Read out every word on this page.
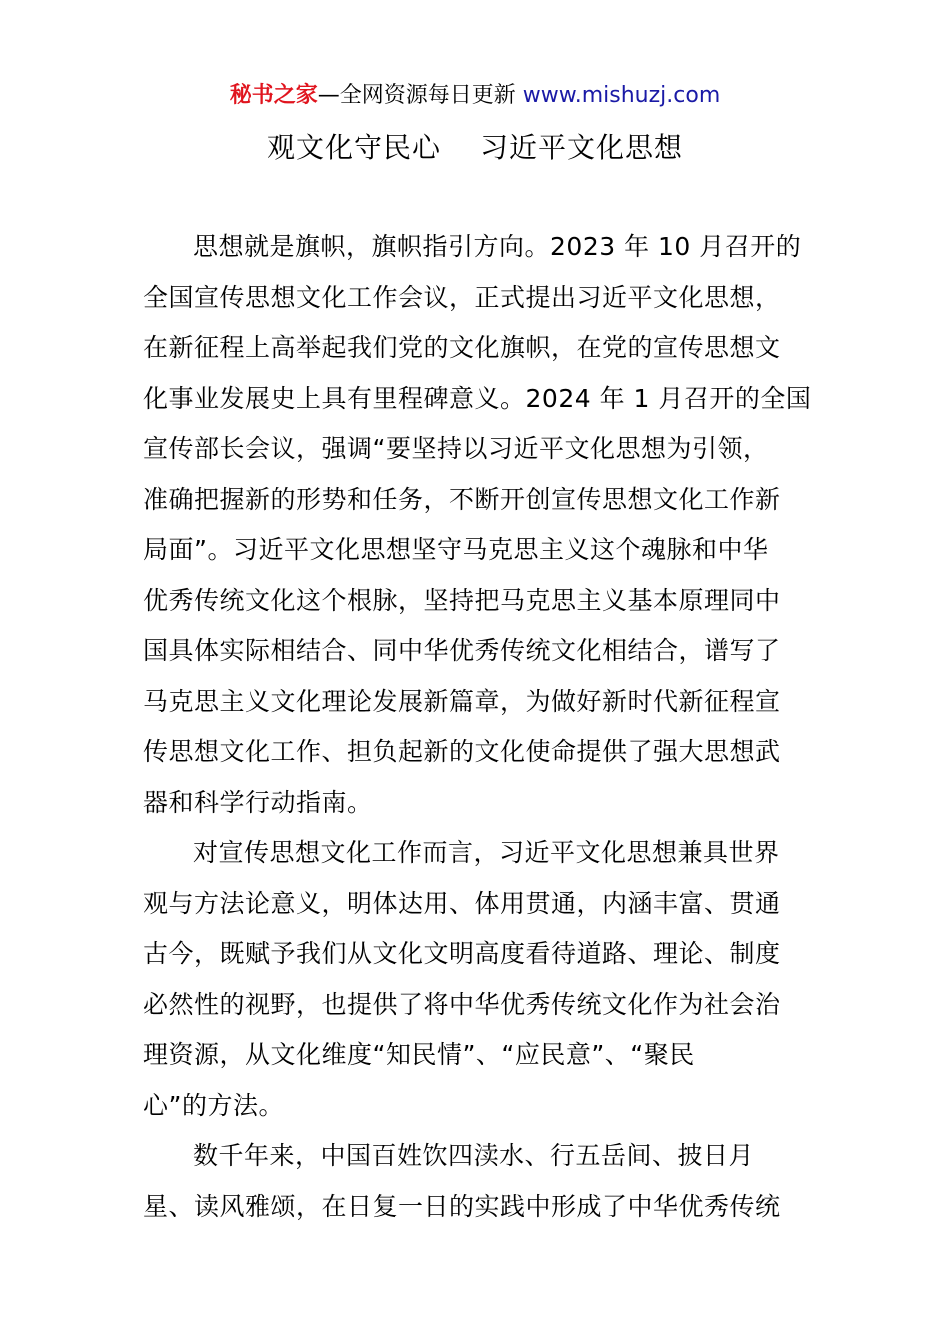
秘书之家—全网资源每日更新 www.mishuzj.com
观文化守民心　 习近平文化思想
思想就是旗帜，旗帜指引方向。2023 年 10 月召开的
全国宣传思想文化工作会议，正式提出习近平文化思想，
在新征程上高举起我们党的文化旗帜，在党的宣传思想文
化事业发展史上具有里程碑意义。2024 年 1 月召开的全国
宣传部长会议，强调“要坚持以习近平文化思想为引领，
准确把握新的形势和任务，不断开创宣传思想文化工作新
局面”。习近平文化思想坚守马克思主义这个魂脉和中华
优秀传统文化这个根脉，坚持把马克思主义基本原理同中
国具体实际相结合、同中华优秀传统文化相结合，谱写了
马克思主义文化理论发展新篇章，为做好新时代新征程宣
传思想文化工作、担负起新的文化使命提供了强大思想武
器和科学行动指南。
对宣传思想文化工作而言，习近平文化思想兼具世界
观与方法论意义，明体达用、体用贯通，内涵丰富、贯通
古今，既赋予我们从文化文明高度看待道路、理论、制度
必然性的视野，也提供了将中华优秀传统文化作为社会治
理资源，从文化维度“知民情”、“应民意”、“聚民
心”的方法。
数千年来，中国百姓饮四渎水、行五岳间、披日月
星、读风雅颂，在日复一日的实践中形成了中华优秀传统
